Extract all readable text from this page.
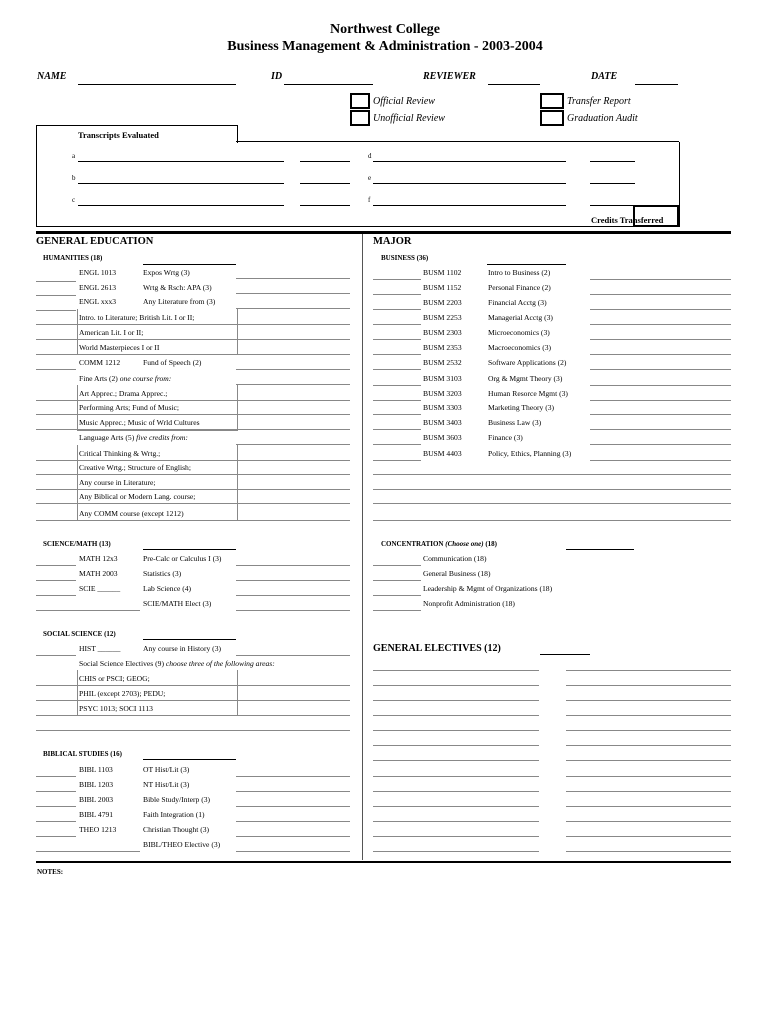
Northwest College
Business Management & Administration - 2003-2004
NAME	ID	REVIEWER	DATE
Official Review
Unofficial Review
Transfer Report
Graduation Audit
Transcripts Evaluated
a
b
c
d
e
f
Credits Transferred
GENERAL EDUCATION	MAJOR
HUMANITIES (18)
ENGL 1013	Expos Wrtg (3)
ENGL 2613	Wrtg & Rsch: APA (3)
ENGL xxx3	Any Literature from (3)
Intro. to Literature; British Lit. I or II;
American Lit. I or II;
World Masterpieces I or II
COMM 1212	Fund of Speech (2)
Fine Arts (2) one course from:
Art Apprec.; Drama Apprec.;
Performing Arts; Fund of Music;
Music Apprec.; Music of Wrld Cultures
Language Arts (5) five credits from:
Critical Thinking & Wrtg.;
Creative Wrtg.; Structure of English;
Any course in Literature;
Any Biblical or Modern Lang. course;
Any COMM course (except 1212)
SCIENCE/MATH (13)
MATH 12x3	Pre-Calc or Calculus I (3)
MATH 2003	Statistics (3)
SCIE ______	Lab Science (4)
SCIE/MATH Elect (3)
SOCIAL SCIENCE (12)
HIST ______	Any course in History (3)
Social Science Electives (9) choose three of the following areas:
CHIS or PSCI; GEOG;
PHIL (except 2703); PEDU;
PSYC 1013; SOCI 1113
BIBLICAL STUDIES (16)
BIBL 1103	OT Hist/Lit (3)
BIBL 1203	NT Hist/Lit (3)
BIBL 2003	Bible Study/Interp (3)
BIBL 4791	Faith Integration (1)
THEO 1213	Christian Thought (3)
BIBL/THEO Elective (3)
BUSINESS (36)
BUSM 1102	Intro to Business (2)
BUSM 1152	Personal Finance (2)
BUSM 2203	Financial Acctg (3)
BUSM 2253	Managerial Acctg (3)
BUSM 2303	Microeconomics (3)
BUSM 2353	Macroeconomics (3)
BUSM 2532	Software Applications (2)
BUSM 3103	Org & Mgmt Theory (3)
BUSM 3203	Human Resorce Mgmt (3)
BUSM 3303	Marketing Theory (3)
BUSM 3403	Business Law (3)
BUSM 3603	Finance (3)
BUSM 4403	Policy, Ethics, Planning (3)
CONCENTRATION (Choose one) (18)
Communication (18)
General Business (18)
Leadership & Mgmt of Organizations (18)
Nonprofit Administration (18)
GENERAL ELECTIVES (12)
NOTES:
